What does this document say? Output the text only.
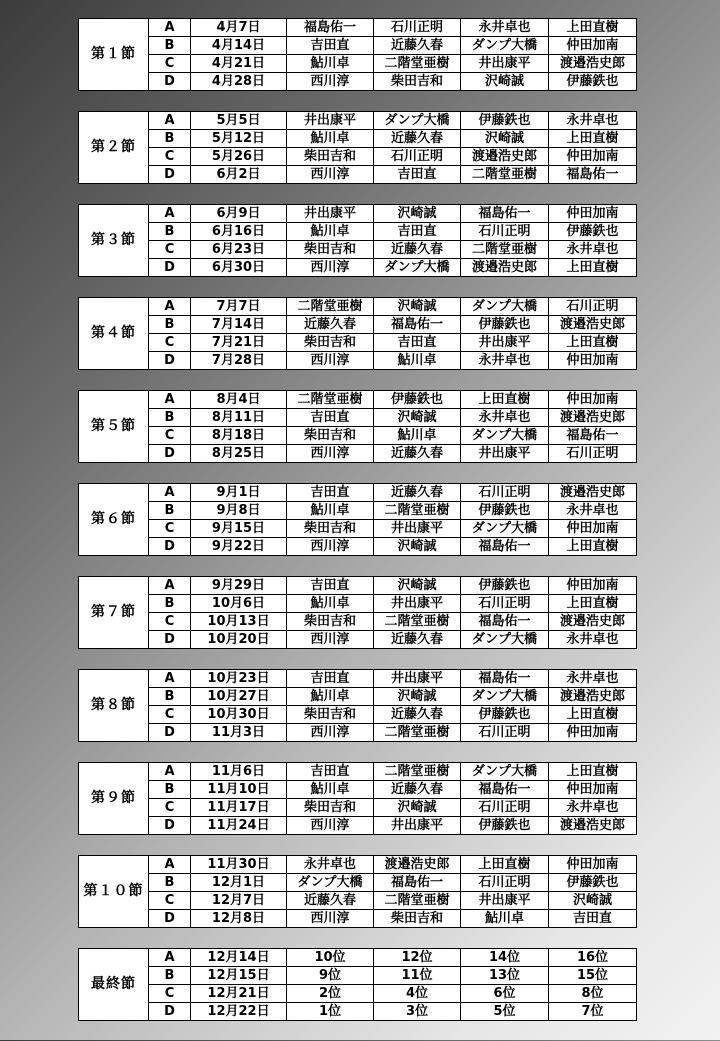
第１節	A	4月7日	福島佑一	石川正明	永井卓也	上田直樹
	B	4月14日	吉田直	近藤久春	ダンプ大橋	仲田加南
	C	4月21日	鮎川卓	二階堂亜樹	井出康平	渡邉浩史郎
	D	4月28日	西川淳	柴田吉和	沢崎誠	伊藤鉄也
第２節	A	5月5日	井出康平	ダンプ大橋	伊藤鉄也	永井卓也
	B	5月12日	鮎川卓	近藤久春	沢崎誠	上田直樹
	C	5月26日	柴田吉和	石川正明	渡邉浩史郎	仲田加南
	D	6月2日	西川淳	吉田直	二階堂亜樹	福島佑一
第３節	A	6月9日	井出康平	沢崎誠	福島佑一	仲田加南
	B	6月16日	鮎川卓	吉田直	石川正明	伊藤鉄也
	C	6月23日	柴田吉和	近藤久春	二階堂亜樹	永井卓也
	D	6月30日	西川淳	ダンプ大橋	渡邉浩史郎	上田直樹
第４節	A	7月7日	二階堂亜樹	沢崎誠	ダンプ大橋	石川正明
	B	7月14日	近藤久春	福島佑一	伊藤鉄也	渡邉浩史郎
	C	7月21日	柴田吉和	吉田直	井出康平	上田直樹
	D	7月28日	西川淳	鮎川卓	永井卓也	仲田加南
第５節	A	8月4日	二階堂亜樹	伊藤鉄也	上田直樹	仲田加南
	B	8月11日	吉田直	沢崎誠	永井卓也	渡邉浩史郎
	C	8月18日	柴田吉和	鮎川卓	ダンプ大橋	福島佑一
	D	8月25日	西川淳	近藤久春	井出康平	石川正明
第６節	A	9月1日	吉田直	近藤久春	石川正明	渡邉浩史郎
	B	9月8日	鮎川卓	二階堂亜樹	伊藤鉄也	永井卓也
	C	9月15日	柴田吉和	井出康平	ダンプ大橋	仲田加南
	D	9月22日	西川淳	沢崎誠	福島佑一	上田直樹
第７節	A	9月29日	吉田直	沢崎誠	伊藤鉄也	仲田加南
	B	10月6日	鮎川卓	井出康平	石川正明	上田直樹
	C	10月13日	柴田吉和	二階堂亜樹	福島佑一	渡邉浩史郎
	D	10月20日	西川淳	近藤久春	ダンプ大橋	永井卓也
第８節	A	10月23日	吉田直	井出康平	福島佑一	永井卓也
	B	10月27日	鮎川卓	沢崎誠	ダンプ大橋	渡邉浩史郎
	C	10月30日	柴田吉和	近藤久春	伊藤鉄也	上田直樹
	D	11月3日	西川淳	二階堂亜樹	石川正明	仲田加南
第９節	A	11月6日	吉田直	二階堂亜樹	ダンプ大橋	上田直樹
	B	11月10日	鮎川卓	近藤久春	福島佑一	仲田加南
	C	11月17日	柴田吉和	沢崎誠	石川正明	永井卓也
	D	11月24日	西川淳	井出康平	伊藤鉄也	渡邉浩史郎
第１０節	A	11月30日	永井卓也	渡邉浩史郎	上田直樹	仲田加南
	B	12月1日	ダンプ大橋	福島佑一	石川正明	伊藤鉄也
	C	12月7日	近藤久春	二階堂亜樹	井出康平	沢崎誠
	D	12月8日	西川淳	柴田吉和	鮎川卓	吉田直
最終節	A	12月14日	10位	12位	14位	16位
	B	12月15日	9位	11位	13位	15位
	C	12月21日	2位	4位	6位	8位
	D	12月22日	1位	3位	5位	7位
